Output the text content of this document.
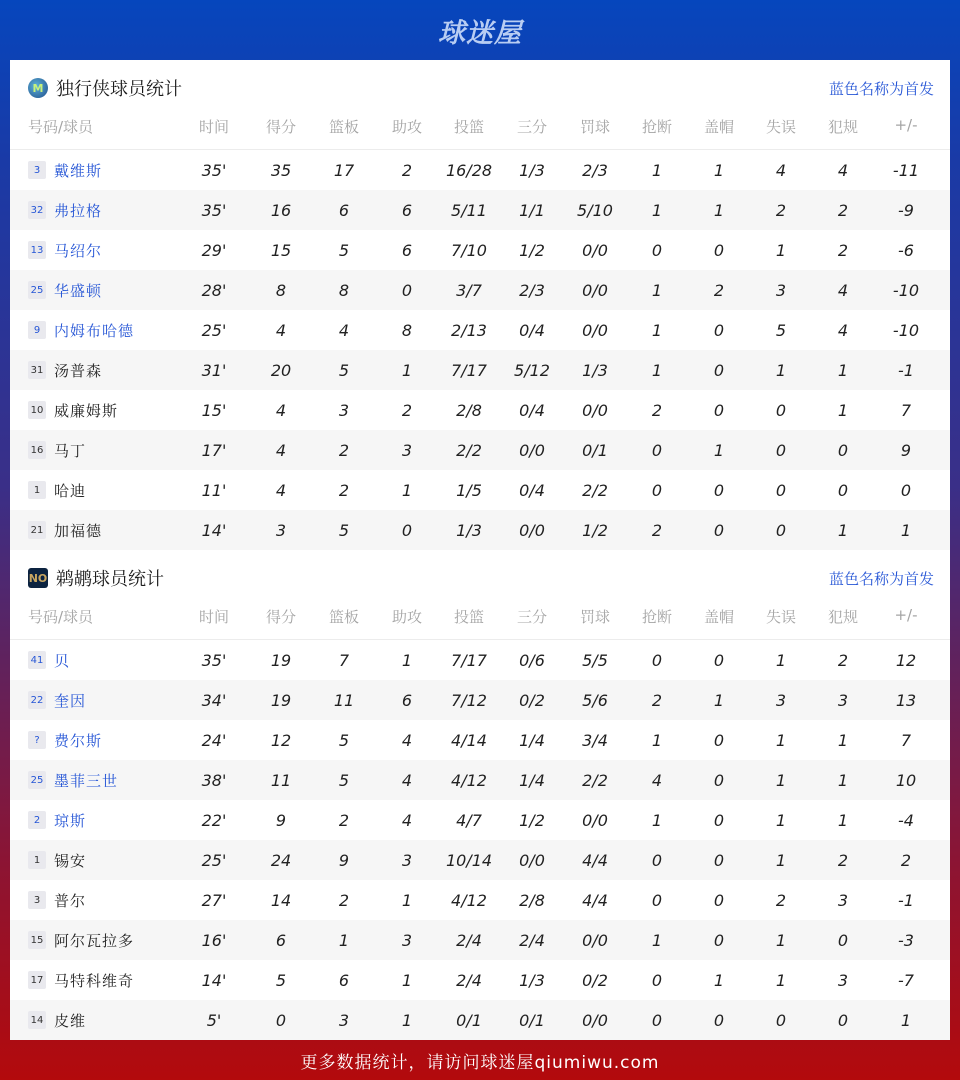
球迷屋
M 独行侠球员统计	蓝色名称为首发
号码/球员	时间	得分	篮板	助攻	投篮	三分	罚球	抢断	盖帽	失误	犯规	+/-
3 戴维斯	35'	35	17	2	16/28	1/3	2/3	1	1	4	4	-11
32 弗拉格	35'	16	6	6	5/11	1/1	5/10	1	1	2	2	-9
13 马绍尔	29'	15	5	6	7/10	1/2	0/0	0	0	1	2	-6
25 华盛顿	28'	8	8	0	3/7	2/3	0/0	1	2	3	4	-10
9 内姆布哈德	25'	4	4	8	2/13	0/4	0/0	1	0	5	4	-10
31 汤普森	31'	20	5	1	7/17	5/12	1/3	1	0	1	1	-1
10 威廉姆斯	15'	4	3	2	2/8	0/4	0/0	2	0	0	1	7
16 马丁	17'	4	2	3	2/2	0/0	0/1	0	1	0	0	9
1 哈迪	11'	4	2	1	1/5	0/4	2/2	0	0	0	0	0
21 加福德	14'	3	5	0	1/3	0/0	1/2	2	0	0	1	1
NO 鹈鹕球员统计	蓝色名称为首发
号码/球员	时间	得分	篮板	助攻	投篮	三分	罚球	抢断	盖帽	失误	犯规	+/-
41 贝	35'	19	7	1	7/17	0/6	5/5	0	0	1	2	12
22 奎因	34'	19	11	6	7/12	0/2	5/6	2	1	3	3	13
? 费尔斯	24'	12	5	4	4/14	1/4	3/4	1	0	1	1	7
25 墨菲三世	38'	11	5	4	4/12	1/4	2/2	4	0	1	1	10
2 琼斯	22'	9	2	4	4/7	1/2	0/0	1	0	1	1	-4
1 锡安	25'	24	9	3	10/14	0/0	4/4	0	0	1	2	2
3 普尔	27'	14	2	1	4/12	2/8	4/4	0	0	2	3	-1
15 阿尔瓦拉多	16'	6	1	3	2/4	2/4	0/0	1	0	1	0	-3
17 马特科维奇	14'	5	6	1	2/4	1/3	0/2	0	1	1	3	-7
14 皮维	5'	0	3	1	0/1	0/1	0/0	0	0	0	0	1
更多数据统计，请访问球迷屋qiumiwu.com
